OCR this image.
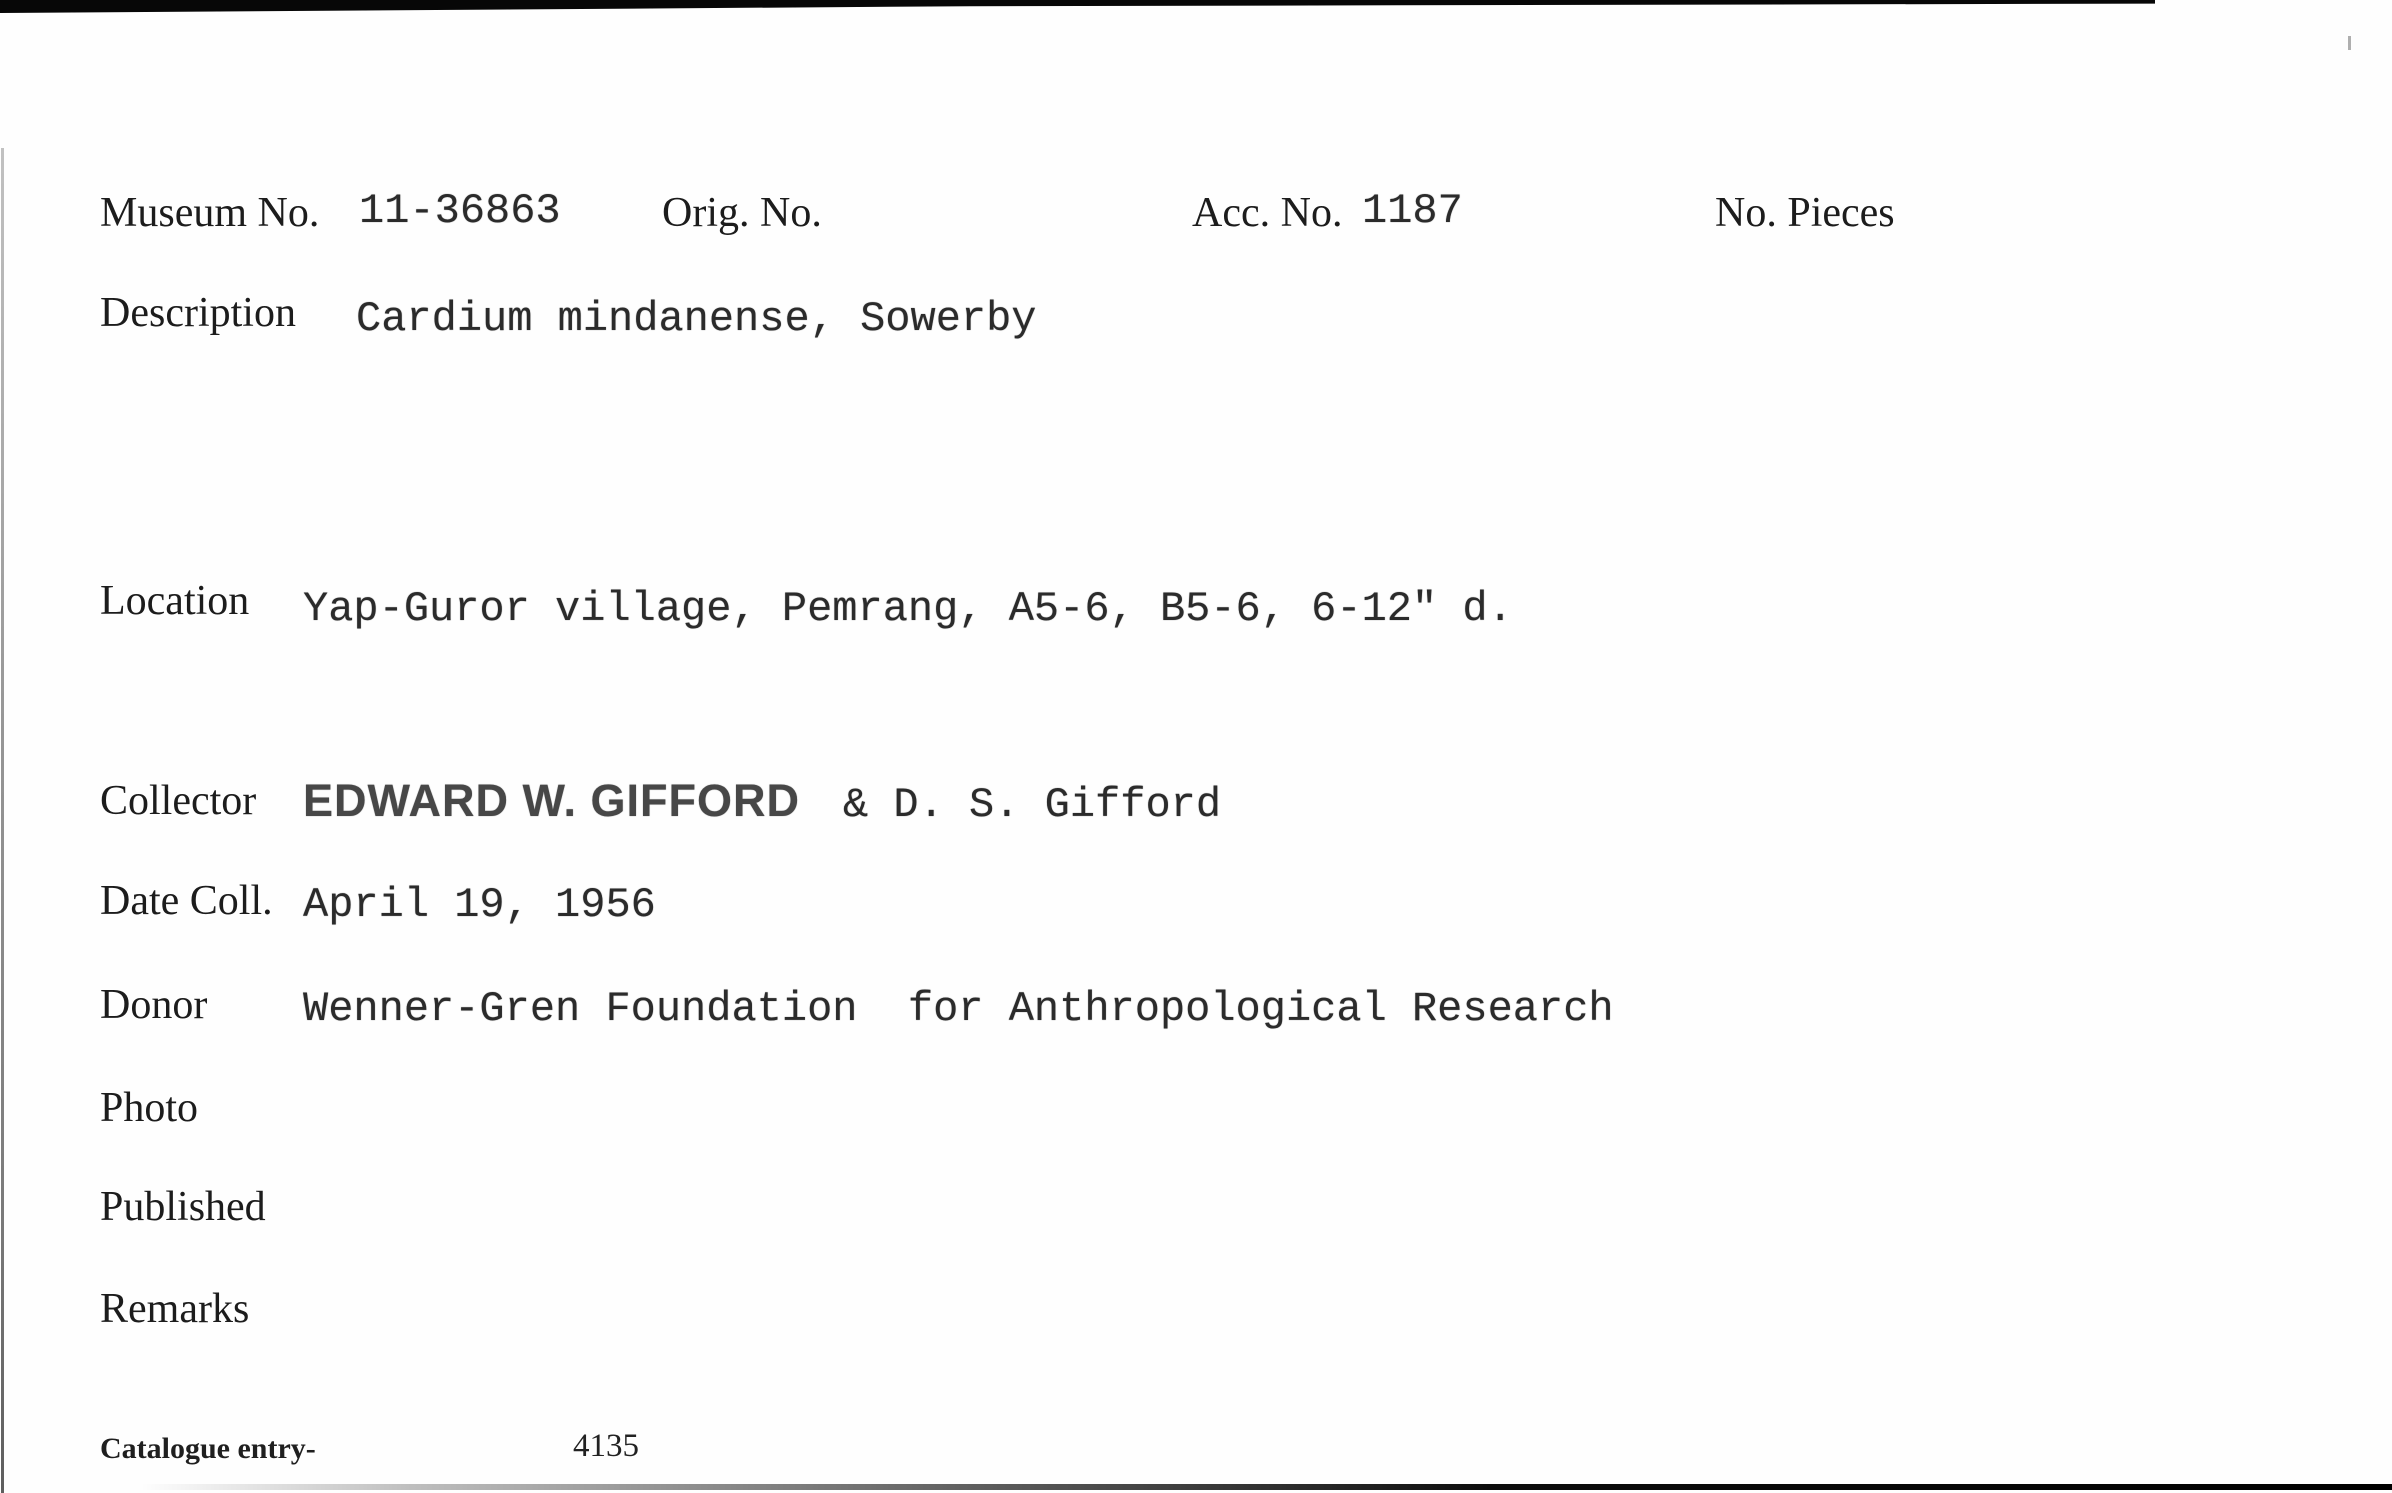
Museum No. 11-36863 Orig. No.	Acc. No. 1187	No. Pieces
Description Cardium mindanense, Sowerby
Location Yap-Guror village, Pemrang, A5-6, B5-6, 6-12" d.
Collector EDWARD W. GIFFORD & D. S. Gifford
Date Coll. April 19, 1956
Donor Wenner-Gren Foundation  for Anthropological Research
Photo
Published
Remarks
Catalogue entry-	4135
